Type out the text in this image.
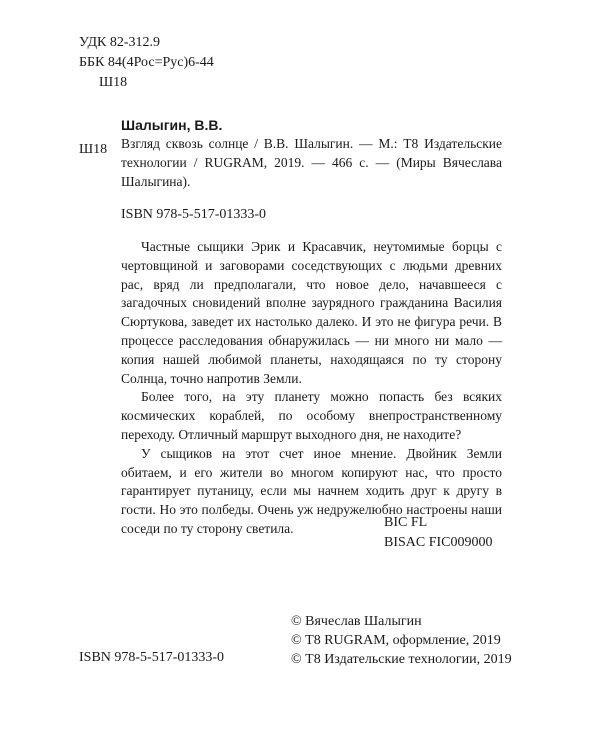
УДК 82-312.9
ББК 84(4Рос=Рус)6-44
Ш18
Шалыгин, В.В.
Ш18 Взгляд сквозь солнце / В.В. Шалыгин. — М.: Т8 Издательские технологии / RUGRAM, 2019. — 466 с. — (Миры Вячеслава Шалыгина).
ISBN 978-5-517-01333-0

Частные сыщики Эрик и Красавчик, неутомимые борцы с чертовщиной и заговорами соседствующих с людьми древних рас, вряд ли предполагали, что новое дело, начавшееся с загадочных сновидений вполне заурядного гражданина Василия Сюртукова, заведет их настолько далеко. И это не фигура речи. В процессе расследования обнаружилась — ни много ни мало — копия нашей любимой планеты, находящаяся по ту сторону Солнца, точно напротив Земли.

Более того, на эту планету можно попасть без всяких космических кораблей, по особому внепространственному переходу. Отличный маршрут выходного дня, не находите?

У сыщиков на этот счет иное мнение. Двойник Земли обитаем, и его жители во многом копируют нас, что просто гарантирует путаницу, если мы начнем ходить друг к другу в гости. Но это полбеды. Очень уж недружелюбно настроены наши соседи по ту сторону светила.	BIC FL
BISAC FIC009000
© Вячеслав Шалыгин
© Т8 RUGRAM, оформление, 2019
© Т8 Издательские технологии, 2019
ISBN 978-5-517-01333-0
